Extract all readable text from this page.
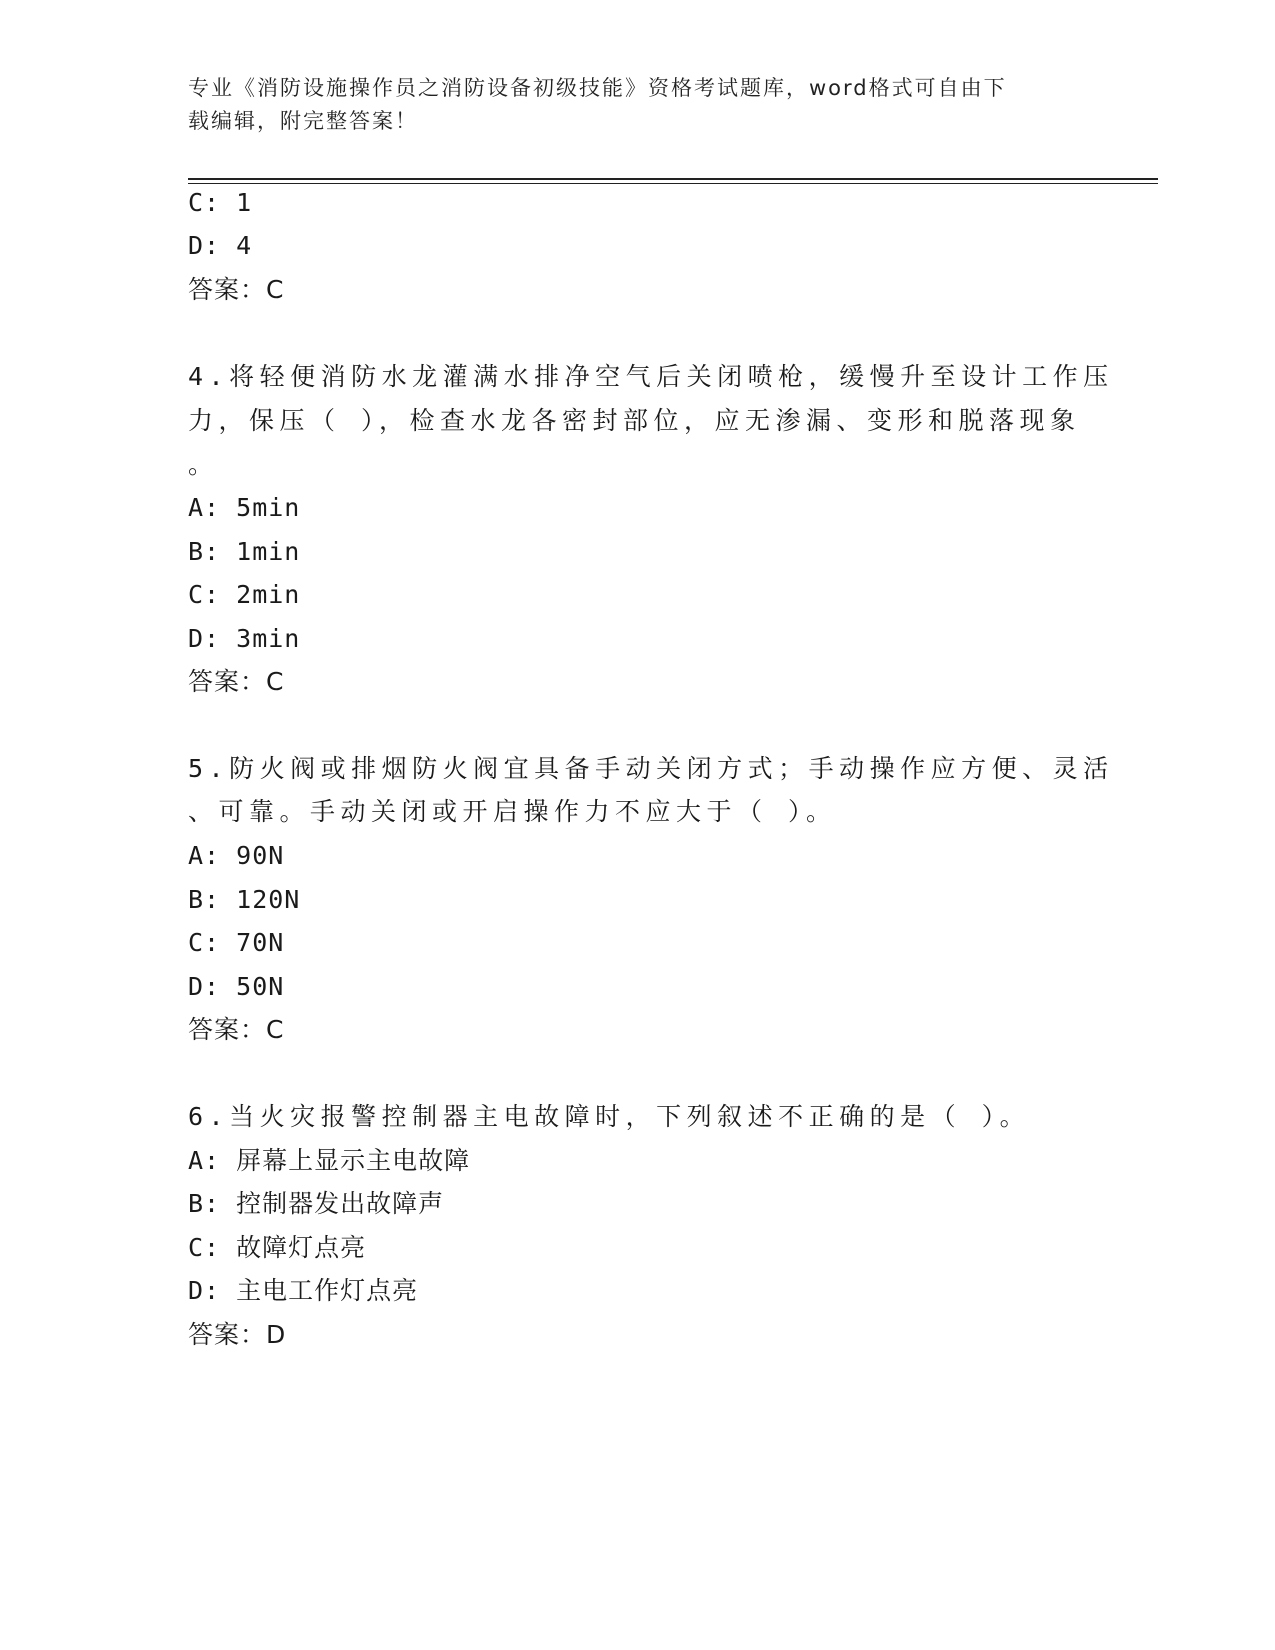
专业《消防设施操作员之消防设备初级技能》资格考试题库，word格式可自由下
载编辑，附完整答案！
C: 1
D: 4
答案：C
4.将轻便消防水龙灌满水排净空气后关闭喷枪，缓慢升至设计工作压
力，保压（ ），检查水龙各密封部位，应无渗漏、变形和脱落现象
。
A: 5min
B: 1min
C: 2min
D: 3min
答案：C
5.防火阀或排烟防火阀宜具备手动关闭方式；手动操作应方便、灵活
、可靠。手动关闭或开启操作力不应大于（ ）。
A: 90N
B: 120N
C: 70N
D: 50N
答案：C
6.当火灾报警控制器主电故障时，下列叙述不正确的是（ ）。
A: 屏幕上显示主电故障
B: 控制器发出故障声
C: 故障灯点亮
D: 主电工作灯点亮
答案：D
